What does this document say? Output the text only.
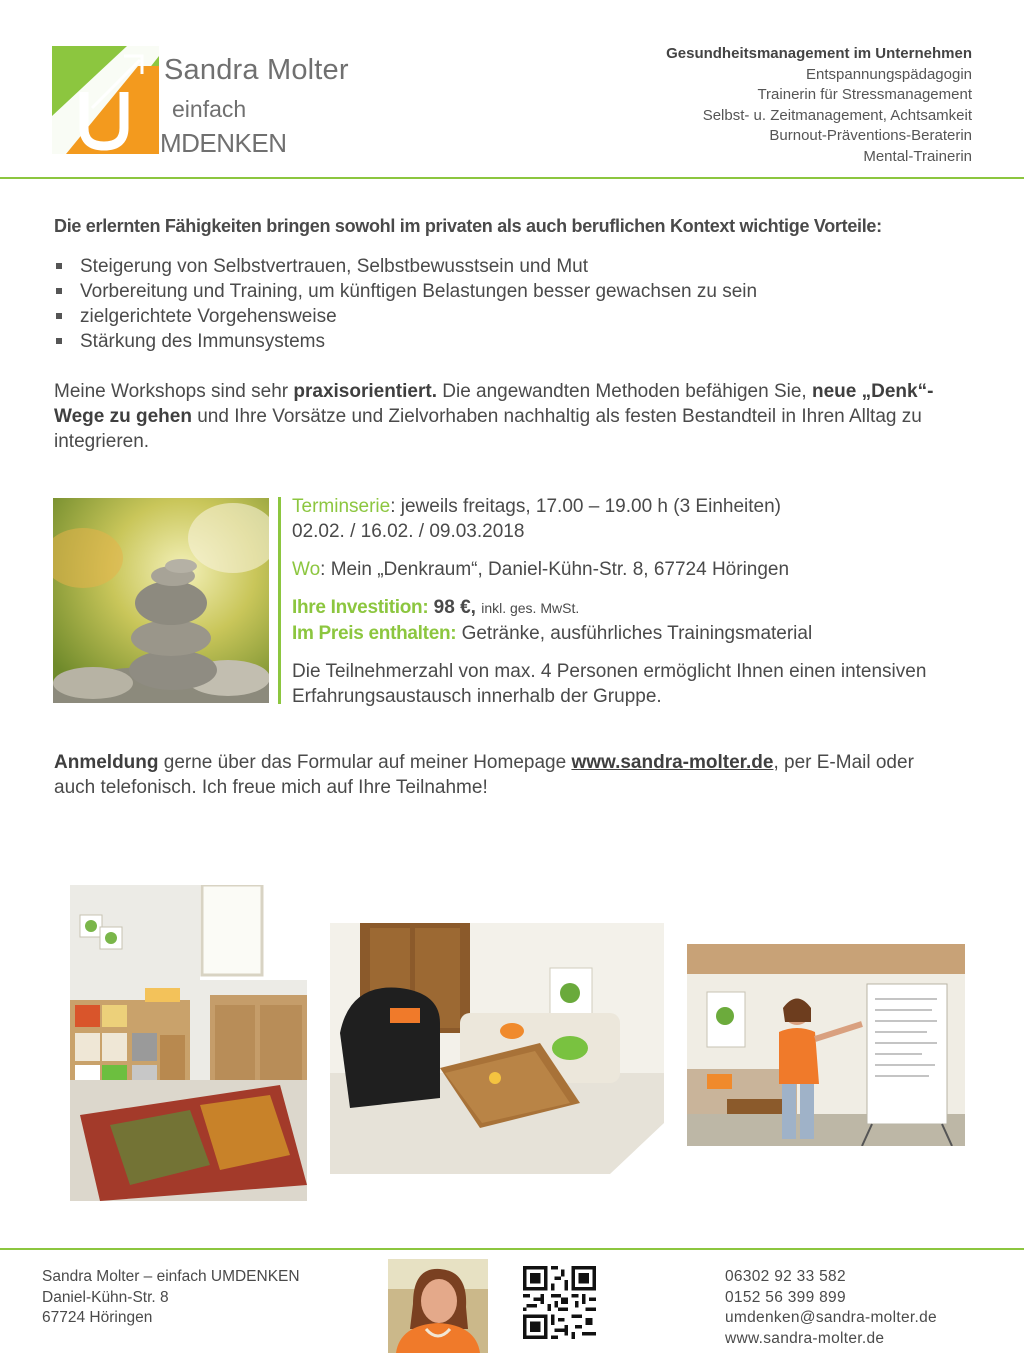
Sandra Molter
einfach
MDENKEN
Gesundheitsmanagement im Unternehmen
Entspannungspädagogin
Trainerin für Stressmanagement
Selbst- u. Zeitmanagement, Achtsamkeit
Burnout-Präventions-Beraterin
Mental-Trainerin
Die erlernten Fähigkeiten bringen sowohl im privaten als auch beruflichen Kontext wichtige Vorteile:
Steigerung von Selbstvertrauen, Selbstbewusstsein und Mut
Vorbereitung und Training, um künftigen Belastungen besser gewachsen zu sein
zielgerichtete Vorgehensweise
Stärkung des Immunsystems
Meine Workshops sind sehr praxisorientiert. Die angewandten Methoden befähigen Sie, neue „Denk“-Wege zu gehen und Ihre Vorsätze und Zielvorhaben nachhaltig als festen Bestandteil in Ihren Alltag zu integrieren.
Terminserie: jeweils freitags, 17.00 – 19.00 h (3 Einheiten)
02.02. / 16.02. / 09.03.2018
Wo: Mein „Denkraum“, Daniel-Kühn-Str. 8, 67724 Höringen
Ihre Investition: 98 €, inkl. ges. MwSt.
Im Preis enthalten: Getränke, ausführliches Trainingsmaterial
Die Teilnehmerzahl von max. 4 Personen ermöglicht Ihnen einen intensiven Erfahrungsaustausch innerhalb der Gruppe.
Anmeldung gerne über das Formular auf meiner Homepage www.sandra-molter.de, per E-Mail oder auch telefonisch. Ich freue mich auf Ihre Teilnahme!
Sandra Molter – einfach UMDENKEN
Daniel-Kühn-Str. 8
67724 Höringen
06302 92 33 582
0152 56 399 899
umdenken@sandra-molter.de
www.sandra-molter.de
